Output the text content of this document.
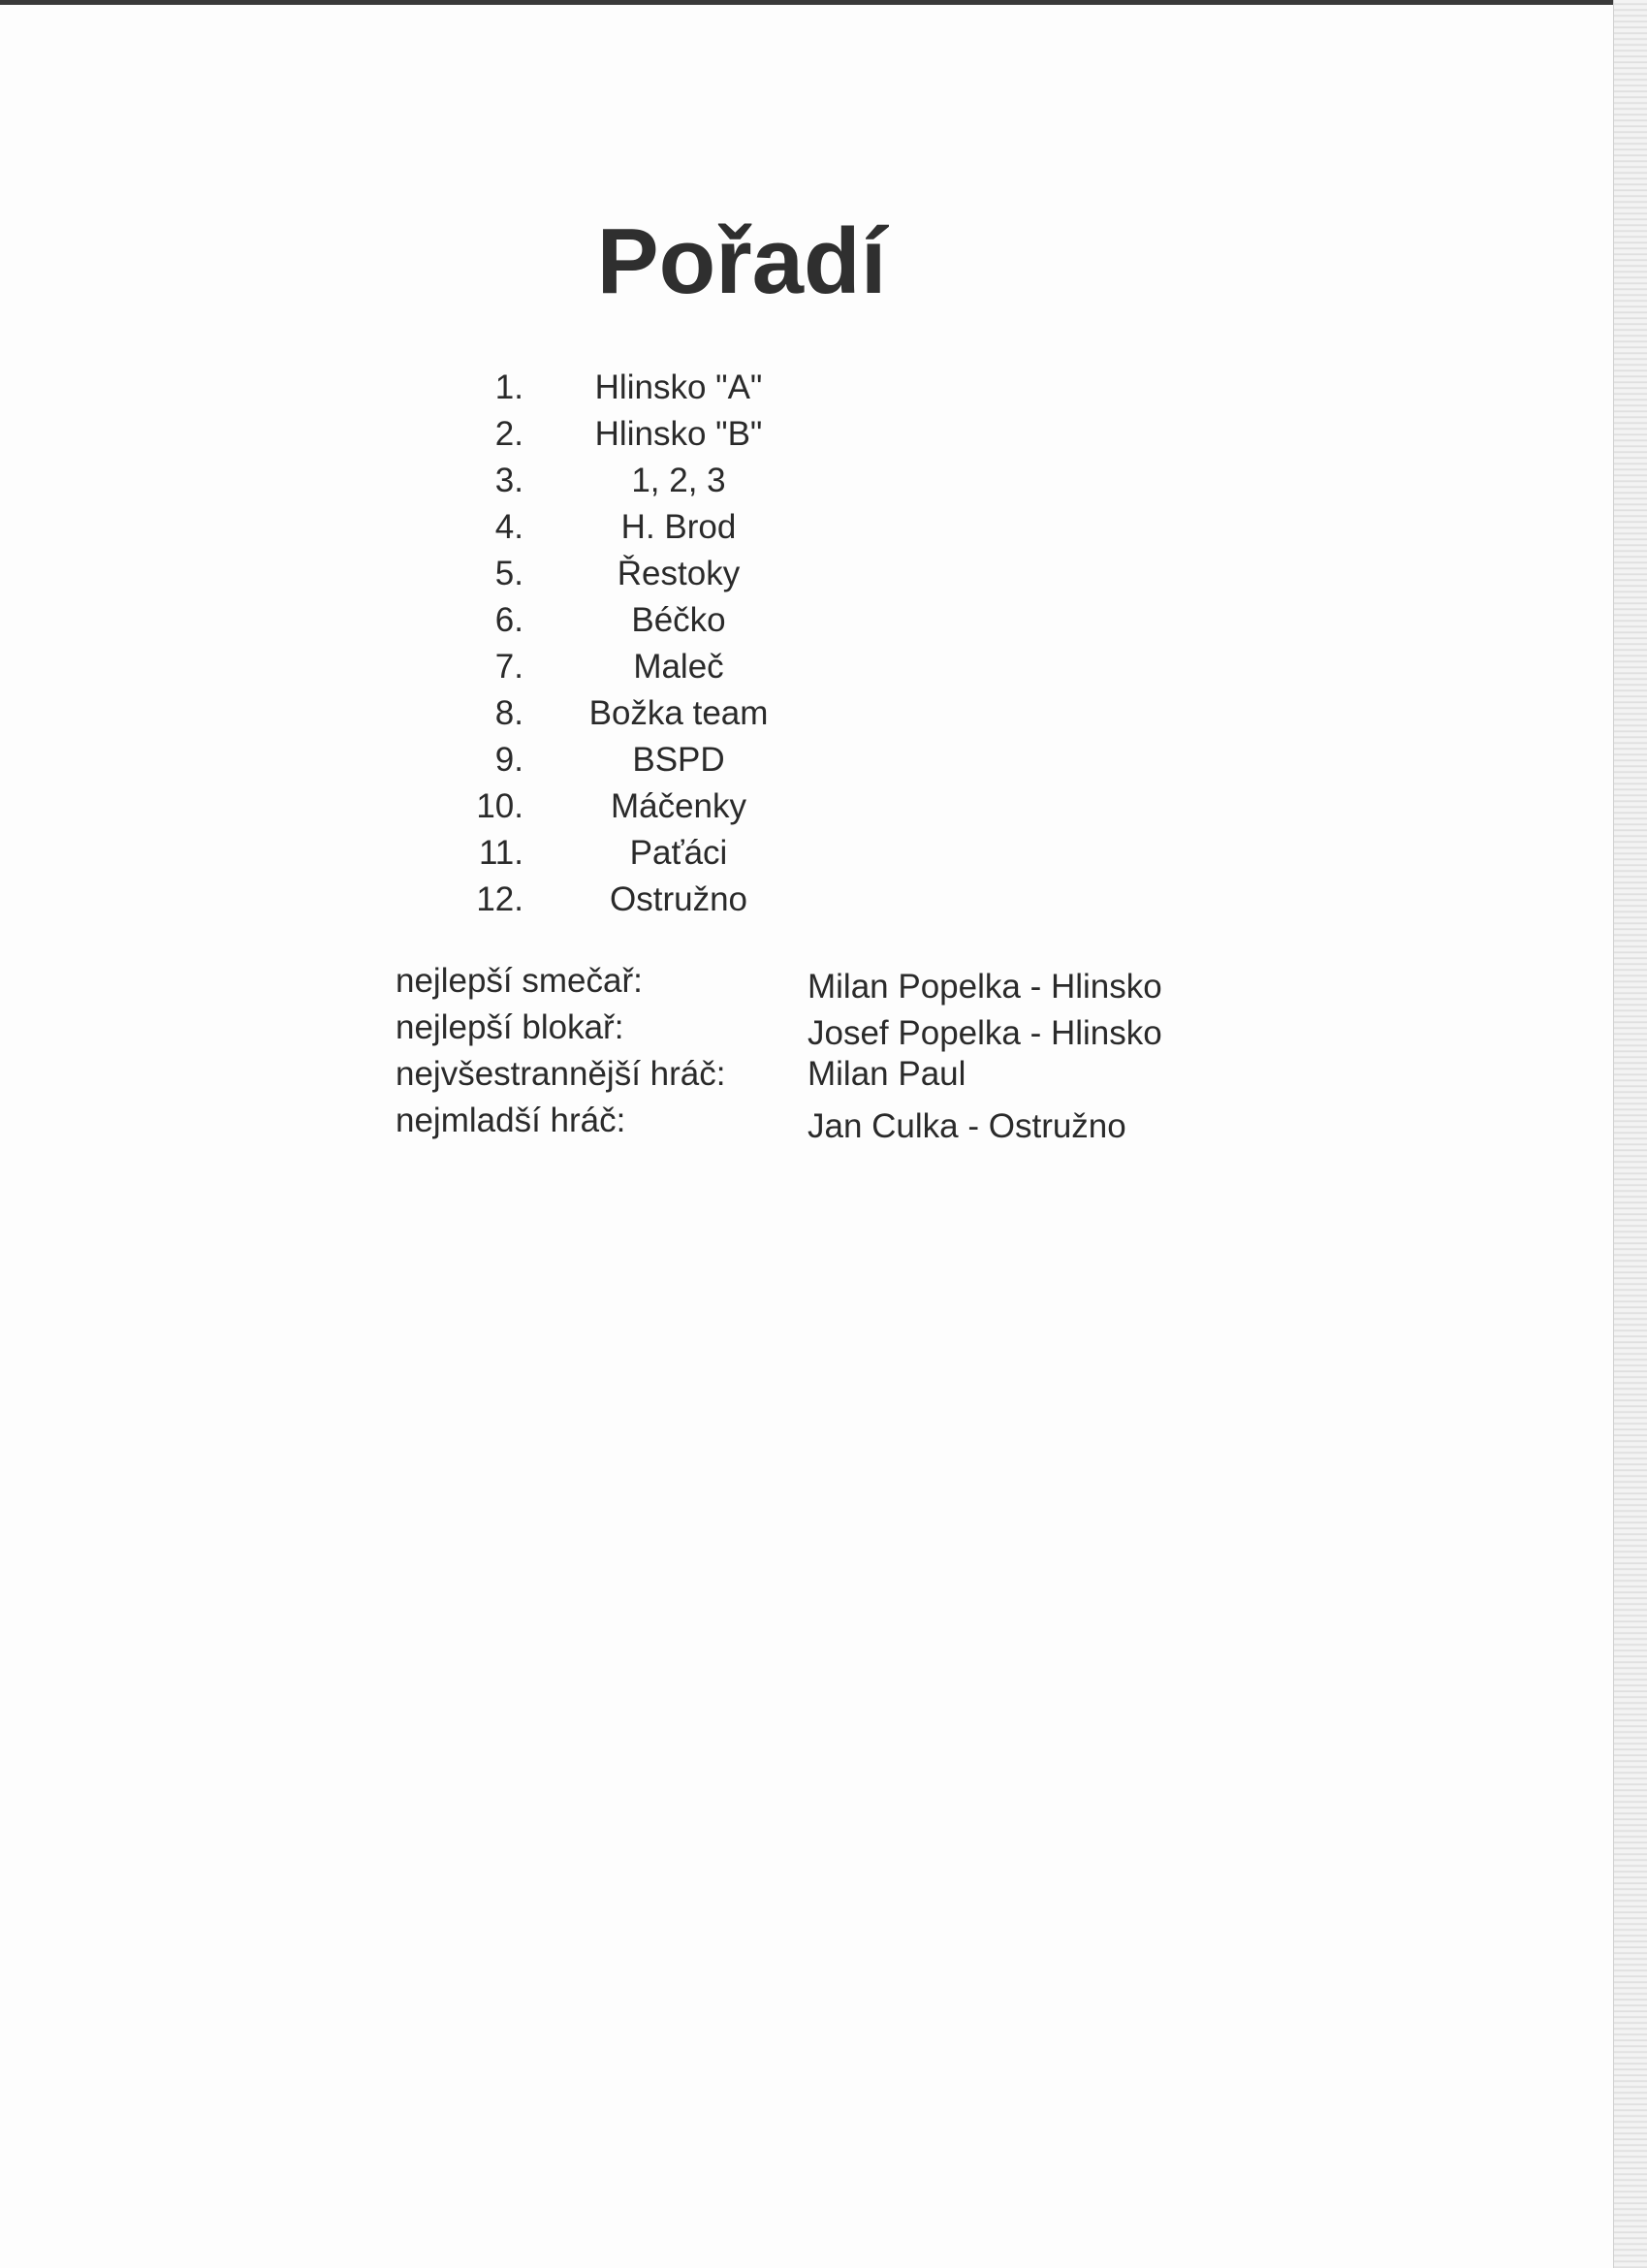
Pořadí
1.	Hlinsko "A"
2.	Hlinsko "B"
3.	1, 2, 3
4.	H. Brod
5.	Řestoky
6.	Béčko
7.	Maleč
8.	Božka team
9.	BSPD
10.	Máčenky
11.	Paťáci
12.	Ostružno
nejlepší smečař:	Milan Popelka - Hlinsko
nejlepší blokař:	Josef Popelka - Hlinsko
nejvšestrannější hráč: Milan Paul
nejmladší hráč:	Jan Culka - Ostružno
